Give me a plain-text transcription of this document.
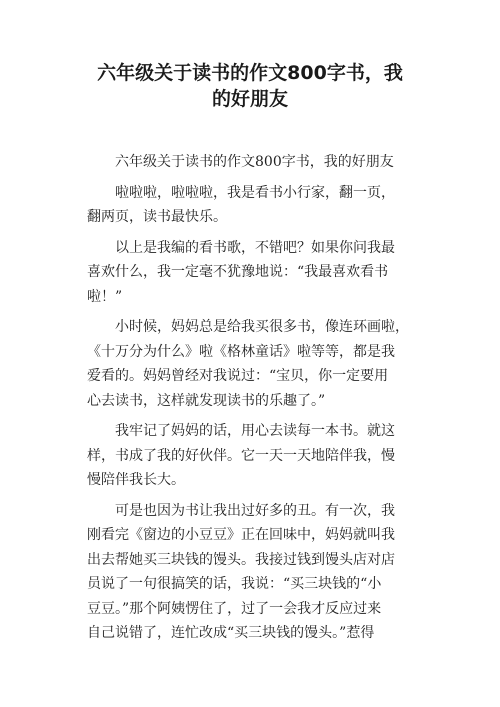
六年级关于读书的作文800字书，我
的好朋友
六年级关于读书的作文800字书，我的好朋友
啦啦啦，啦啦啦，我是看书小行家，翻一页，
翻两页，读书最快乐。
以上是我编的看书歌，不错吧？如果你问我最
喜欢什么，我一定毫不犹豫地说：“我最喜欢看书
啦！”
小时候，妈妈总是给我买很多书，像连环画啦，
《十万分为什么》啦《格林童话》啦等等，都是我
爱看的。妈妈曾经对我说过：“宝贝，你一定要用
心去读书，这样就发现读书的乐趣了。”
我牢记了妈妈的话，用心去读每一本书。就这
样，书成了我的好伙伴。它一天一天地陪伴我，慢
慢陪伴我长大。
可是也因为书让我出过好多的丑。有一次，我
刚看完《窗边的小豆豆》正在回味中，妈妈就叫我
出去帮她买三块钱的馒头。我接过钱到馒头店对店
员说了一句很搞笑的话，我说：“买三块钱的“小
豆豆。”那个阿姨愣住了，过了一会我才反应过来
自己说错了，连忙改成“买三块钱的馒头。”惹得
